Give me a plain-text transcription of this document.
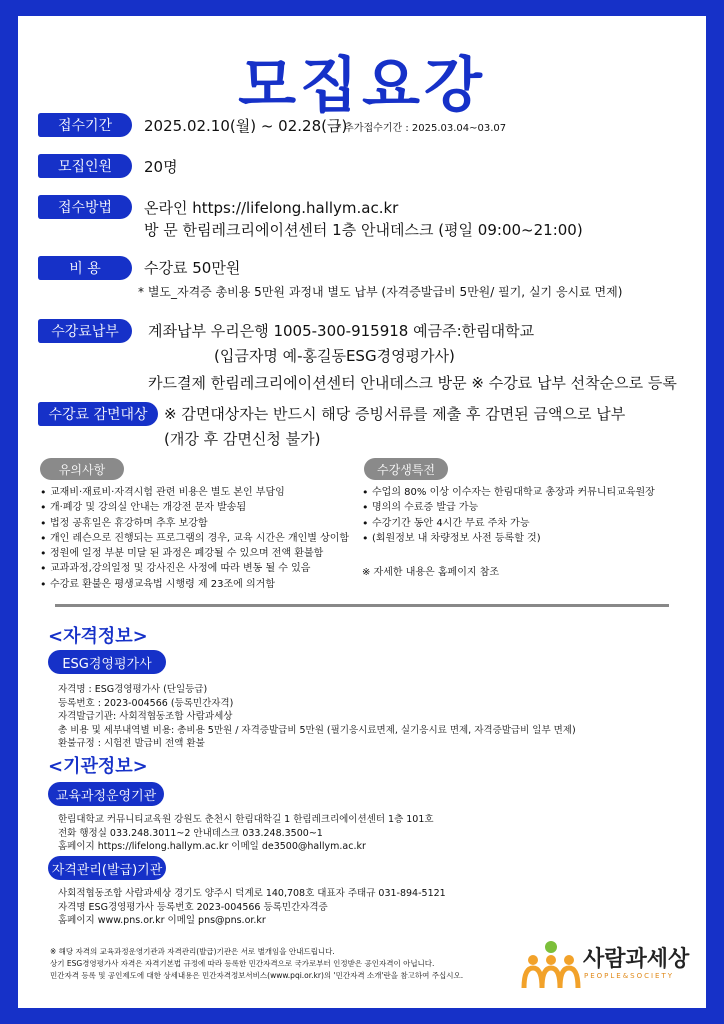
모집요강
접수기간	2025.02.10(월) ~ 02.28(금)
* 추가접수기간 : 2025.03.04~03.07
모집인원	20명
접수방법	온라인 https://lifelong.hallym.ac.kr
방 문 한림레크리에이션센터 1층 안내데스크 (평일 09:00~21:00)
비 용	수강료 50만원
* 별도_자격증 총비용 5만원 과정내 별도 납부 (자격증발급비 5만원/ 필기, 실기 응시료 면제)
수강료납부	계좌납부 우리은행 1005-300-915918 예금주:한림대학교
(입금자명 예-홍길동ESG경영평가사)
카드결제 한림레크리에이션센터 안내데스크 방문 ※ 수강료 납부 선착순으로 등록
수강료 감면대상	※ 감면대상자는 반드시 해당 증빙서류를 제출 후 감면된 금액으로 납부
(개강 후 감면신청 불가)
유의사항
• 교재비·재료비·자격시험 관련 비용은 별도 본인 부담임
• 개·폐강 및 강의실 안내는 개강전 문자 발송됨
• 법정 공휴일은 휴강하며 추후 보강함
• 개인 레슨으로 진행되는 프로그램의 경우, 교육 시간은 개인별 상이함
• 정원에 일정 부분 미달 된 과정은 폐강될 수 있으며 전액 환불함
• 교과과정,강의일정 및 강사진은 사정에 따라 변동 될 수 있음
• 수강료 환불은 평생교육법 시행령 제 23조에 의거함
수강생특전
• 수업의 80% 이상 이수자는 한림대학교 총장과 커뮤니티교육원장
• 명의의 수료증 발급 가능
• 수강기간 동안 4시간 무료 주차 가능
• (회원정보 내 차량정보 사전 등록할 것)
※ 자세한 내용은 홈페이지 참조
<자격정보>
ESG경영평가사
자격명 : ESG경영평가사 (단일등급)
등록번호 : 2023-004566 (등록민간자격)
자격발급기관: 사회적협동조합 사람과세상
총 비용 및 세부내역별 비용: 총비용 5만원 / 자격증발급비 5만원 (필기응시료면제, 실기응시료 면제, 자격증발급비 일부 면제)
환불규정 : 시험전 발급비 전액 환불
<기관정보>
교육과정운영기관
한림대학교 커뮤니티교육원 강원도 춘천시 한림대학길 1 한림레크리에이션센터 1층 101호
전화 행정실 033.248.3011~2 안내데스크 033.248.3500~1
홈페이지 https://lifelong.hallym.ac.kr 이메일 de3500@hallym.ac.kr
자격관리(발급)기관
사회적협동조합 사람과세상 경기도 양주시 덕계로 140,708호 대표자 주태규 031-894-5121
자격명 ESG경영평가사 등록번호 2023-004566 등록민간자격증
홈페이지 www.pns.or.kr 이메일 pns@pns.or.kr
※ 해당 자격의 교육과정운영기관과 자격관리(발급)기관은 서로 별개임을 안내드립니다.
상기 ESG경영평가사 자격은 자격기본법 규정에 따라 등록한 민간자격으로 국가로부터 인정받은 공인자격이 아닙니다.
민간자격 등록 및 공인제도에 대한 상세내용은 민간자격정보서비스(www.pqi.or.kr)의 '민간자격 소개'란을 참고하여 주십시오.
사람과세상
PEOPLE&SOCIETY
